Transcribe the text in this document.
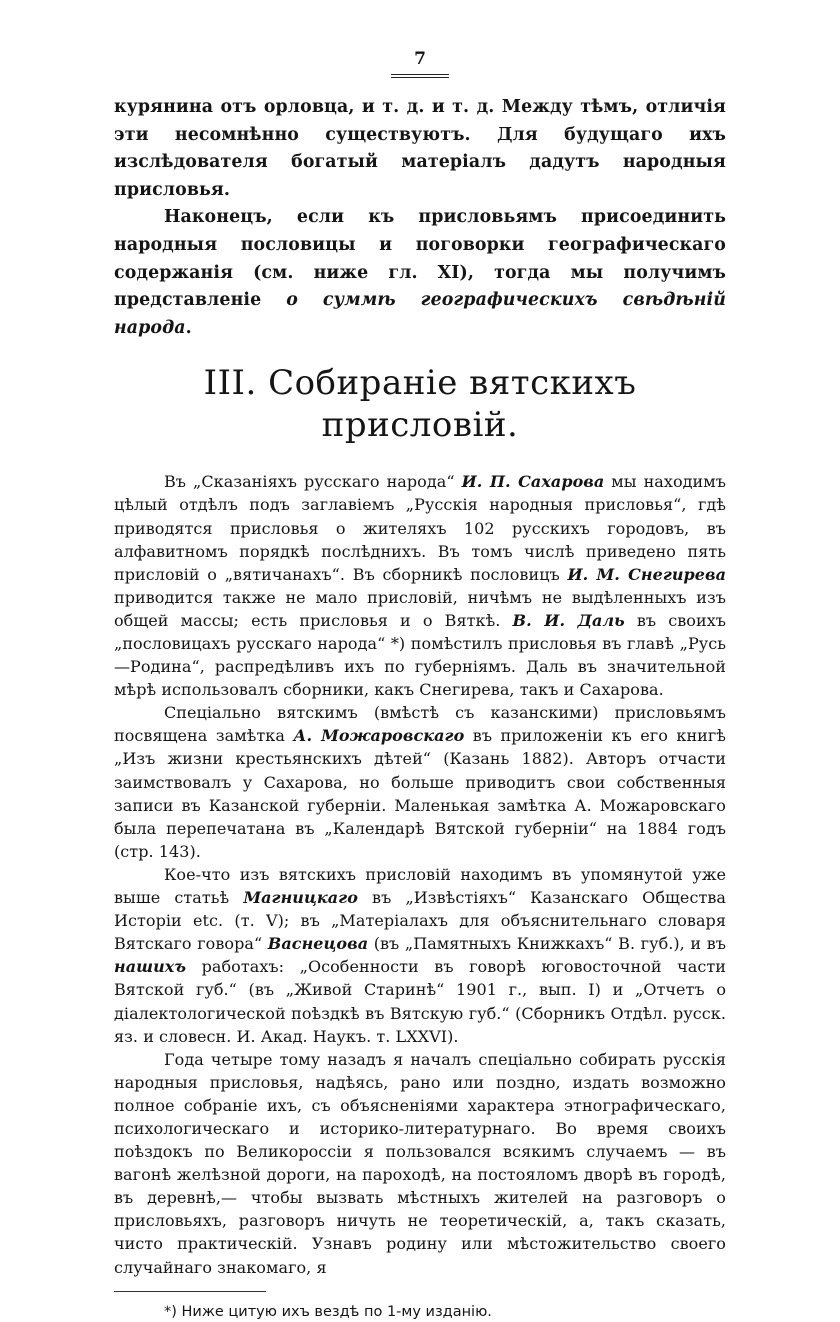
7

курянина отъ орловца, и т. д. и т. д. Между тѣмъ, отличія эти несомнѣнно существуютъ. Для будущаго ихъ изслѣдователя богатый матеріалъ дадутъ народныя присловья.

Наконецъ, если къ присловьямъ присоединить народныя пословицы и поговорки географическаго содержанія (см. ниже гл. XI), тогда мы получимъ представленіе о суммѣ географическихъ свѣдѣній народа.

III. Собираніе вятскихъ присловій.

Въ „Сказаніяхъ русскаго народа“ И. П. Сахарова мы находимъ цѣлый отдѣлъ подъ заглавіемъ „Русскія народныя присловья“, гдѣ приводятся присловья о жителяхъ 102 русскихъ городовъ, въ алфавитномъ порядкѣ послѣднихъ. Въ томъ числѣ приведено пять присловій о „вятичанахъ“. Въ сборникѣ пословицъ И. М. Снегирева приводится также не мало присловій, ничѣмъ не выдѣленныхъ изъ общей массы; есть присловья и о Вяткѣ. В. И. Даль въ своихъ „пословицахъ русскаго народа“ *) помѣстилъ присловья въ главѣ „Русь—Родина“, распредѣливъ ихъ по губерніямъ. Даль въ значительной мѣрѣ использовалъ сборники, какъ Снегирева, такъ и Сахарова.

Спеціально вятскимъ (вмѣстѣ съ казанскими) присловьямъ посвящена замѣтка А. Можаровскаго въ приложеніи къ его книгѣ „Изъ жизни крестьянскихъ дѣтей“ (Казань 1882). Авторъ отчасти заимствовалъ у Сахарова, но больше приводитъ свои собственныя записи въ Казанской губерніи. Маленькая замѣтка А. Можаровскаго была перепечатана въ „Календарѣ Вятской губерніи“ на 1884 годъ (стр. 143).

Кое-что изъ вятскихъ присловій находимъ въ упомянутой уже выше статьѣ Магницкаго въ „Извѣстіяхъ“ Казанскаго Общества Исторіи etc. (т. V); въ „Матеріалахъ для объяснительнаго словаря Вятскаго говора“ Васнецова (въ „Памятныхъ Книжкахъ“ В. губ.), и въ нашихъ работахъ: „Особенности въ говорѣ юговосточной части Вятской губ.“ (въ „Живой Старинѣ“ 1901 г., вып. I) и „Отчетъ о діалектологической поѣздкѣ въ Вятскую губ.“ (Сборникъ Отдѣл. русск. яз. и словесн. И. Акад. Наукъ. т. LXXVI).

Года четыре тому назадъ я началъ спеціально собирать русскія народныя присловья, надѣясь, рано или поздно, издать возможно полное собраніе ихъ, съ объясненіями характера этнографическаго, психологическаго и историко-литературнаго. Во время своихъ поѣздокъ по Великороссіи я пользовался всякимъ случаемъ — въ вагонѣ желѣзной дороги, на пароходѣ, на постояломъ дворѣ въ городѣ, въ деревнѣ,— чтобы вызвать мѣстныхъ жителей на разговоръ о присловьяхъ, разговоръ ничуть не теоретическій, а, такъ сказать, чисто практическій. Узнавъ родину или мѣстожительство своего случайнаго знакомаго, я

*) Ниже цитую ихъ вездѣ по 1-му изданію.
